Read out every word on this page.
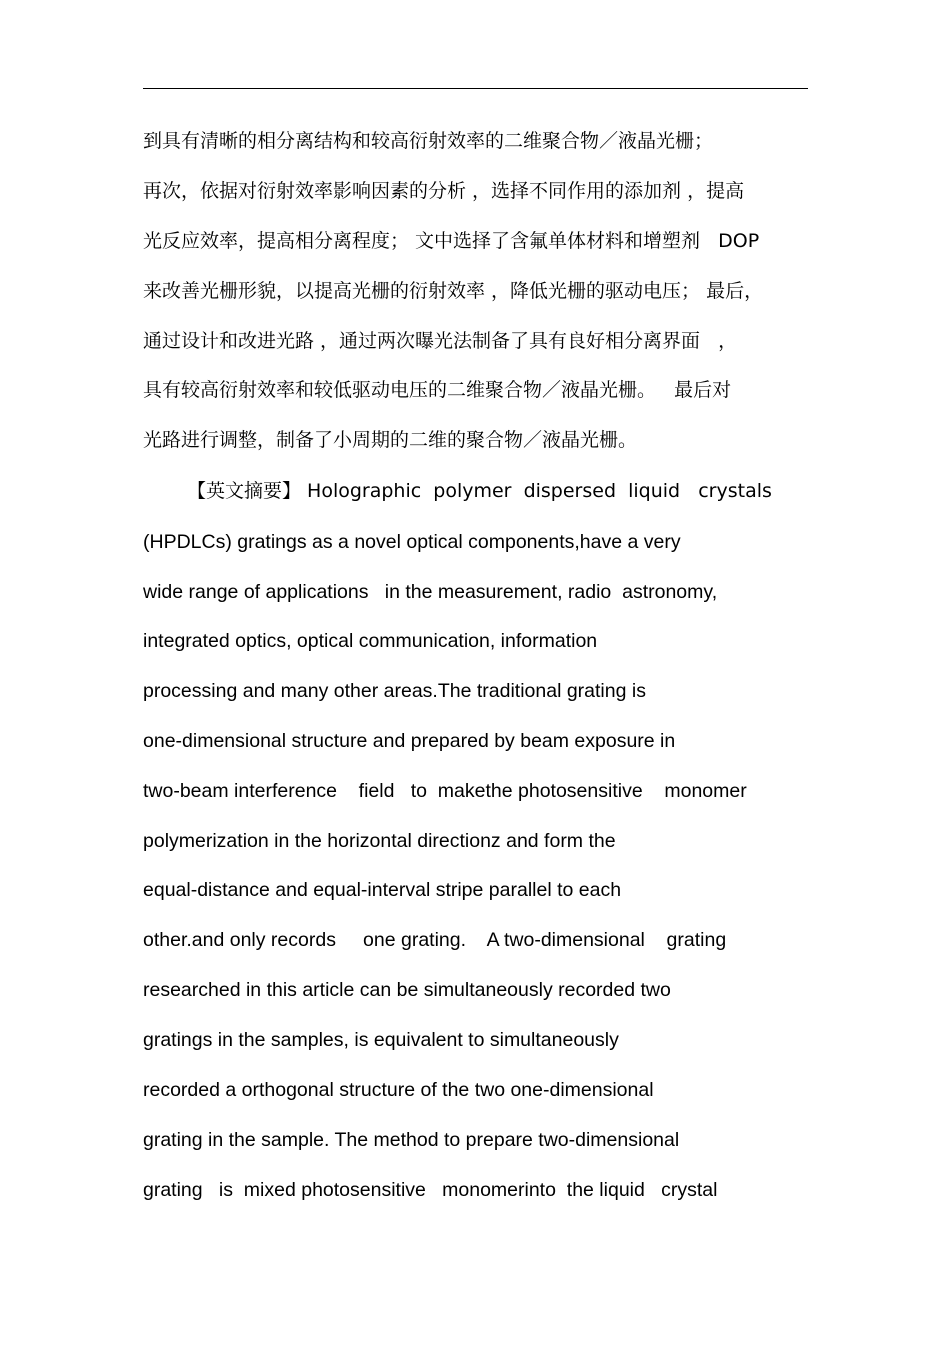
到具有清晰的相分离结构和较高衍射效率的二维聚合物／液晶光栅；
再次，依据对衍射效率影响因素的分析 ，选择不同作用的添加剂 ，提高
光反应效率，提高相分离程度； 文中选择了含氟单体材料和增塑剂   DOP
来改善光栅形貌，以提高光栅的衍射效率 ，降低光栅的驱动电压； 最后，
通过设计和改进光路 ，通过两次曝光法制备了具有良好相分离界面   ，
具有较高衍射效率和较低驱动电压的二维聚合物／液晶光栅。   最后对
光路进行调整，制备了小周期的二维的聚合物／液晶光栅。
【英文摘要】 Holographic  polymer  dispersed  liquid   crystals
(HPDLCs) gratings as a novel optical components,have a very
wide range of applications   in the measurement, radio  astronomy,
integrated optics, optical communication, information
processing and many other areas.The traditional grating is
one-dimensional structure and prepared by beam exposure in
two-beam interference    field   to  makethe photosensitive    monomer
polymerization in the horizontal directionz and form the
equal-distance and equal-interval stripe parallel to each
other.and only records     one grating.    A two-dimensional    grating
researched in this article can be simultaneously recorded two
gratings in the samples, is equivalent to simultaneously
recorded a orthogonal structure of the two one-dimensional
grating in the sample. The method to prepare two-dimensional
grating   is  mixed photosensitive   monomerinto  the liquid   crystal
